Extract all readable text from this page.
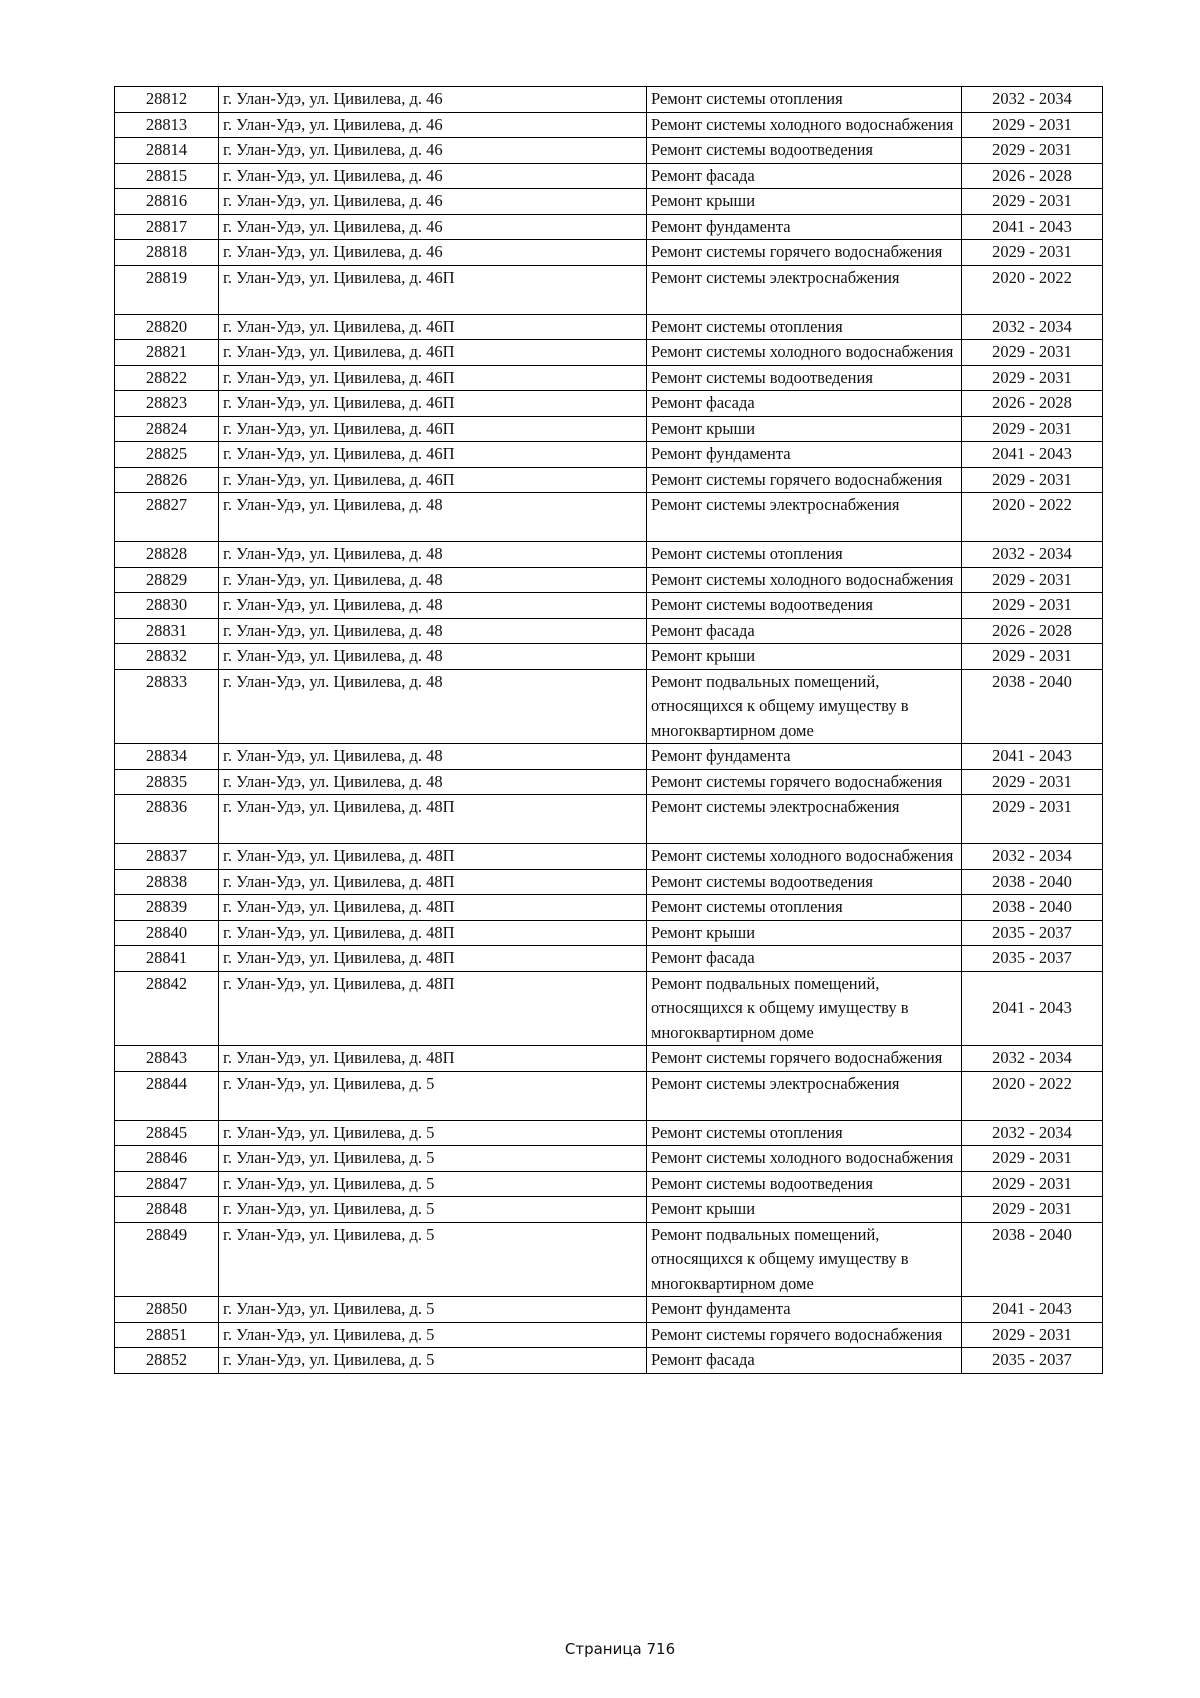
28812	г. Улан-Удэ, ул. Цивилева, д. 46	Ремонт системы отопления	2032 - 2034
28813	г. Улан-Удэ, ул. Цивилева, д. 46	Ремонт системы холодного водоснабжения	2029 - 2031
28814	г. Улан-Удэ, ул. Цивилева, д. 46	Ремонт системы водоотведения	2029 - 2031
28815	г. Улан-Удэ, ул. Цивилева, д. 46	Ремонт фасада	2026 - 2028
28816	г. Улан-Удэ, ул. Цивилева, д. 46	Ремонт крыши	2029 - 2031
28817	г. Улан-Удэ, ул. Цивилева, д. 46	Ремонт фундамента	2041 - 2043
28818	г. Улан-Удэ, ул. Цивилева, д. 46	Ремонт системы горячего водоснабжения	2029 - 2031
28819	г. Улан-Удэ, ул. Цивилева, д. 46П	Ремонт системы электроснабжения	2020 - 2022
28820	г. Улан-Удэ, ул. Цивилева, д. 46П	Ремонт системы отопления	2032 - 2034
28821	г. Улан-Удэ, ул. Цивилева, д. 46П	Ремонт системы холодного водоснабжения	2029 - 2031
28822	г. Улан-Удэ, ул. Цивилева, д. 46П	Ремонт системы водоотведения	2029 - 2031
28823	г. Улан-Удэ, ул. Цивилева, д. 46П	Ремонт фасада	2026 - 2028
28824	г. Улан-Удэ, ул. Цивилева, д. 46П	Ремонт крыши	2029 - 2031
28825	г. Улан-Удэ, ул. Цивилева, д. 46П	Ремонт фундамента	2041 - 2043
28826	г. Улан-Удэ, ул. Цивилева, д. 46П	Ремонт системы горячего водоснабжения	2029 - 2031
28827	г. Улан-Удэ, ул. Цивилева, д. 48	Ремонт системы электроснабжения	2020 - 2022
28828	г. Улан-Удэ, ул. Цивилева, д. 48	Ремонт системы отопления	2032 - 2034
28829	г. Улан-Удэ, ул. Цивилева, д. 48	Ремонт системы холодного водоснабжения	2029 - 2031
28830	г. Улан-Удэ, ул. Цивилева, д. 48	Ремонт системы водоотведения	2029 - 2031
28831	г. Улан-Удэ, ул. Цивилева, д. 48	Ремонт фасада	2026 - 2028
28832	г. Улан-Удэ, ул. Цивилева, д. 48	Ремонт крыши	2029 - 2031
28833	г. Улан-Удэ, ул. Цивилева, д. 48	Ремонт подвальных помещений, относящихся к общему имуществу в многоквартирном доме	2038 - 2040
28834	г. Улан-Удэ, ул. Цивилева, д. 48	Ремонт фундамента	2041 - 2043
28835	г. Улан-Удэ, ул. Цивилева, д. 48	Ремонт системы горячего водоснабжения	2029 - 2031
28836	г. Улан-Удэ, ул. Цивилева, д. 48П	Ремонт системы электроснабжения	2029 - 2031
28837	г. Улан-Удэ, ул. Цивилева, д. 48П	Ремонт системы холодного водоснабжения	2032 - 2034
28838	г. Улан-Удэ, ул. Цивилева, д. 48П	Ремонт системы водоотведения	2038 - 2040
28839	г. Улан-Удэ, ул. Цивилева, д. 48П	Ремонт системы отопления	2038 - 2040
28840	г. Улан-Удэ, ул. Цивилева, д. 48П	Ремонт крыши	2035 - 2037
28841	г. Улан-Удэ, ул. Цивилева, д. 48П	Ремонт фасада	2035 - 2037
28842	г. Улан-Удэ, ул. Цивилева, д. 48П	Ремонт подвальных помещений, относящихся к общему имуществу в многоквартирном доме	2041 - 2043
28843	г. Улан-Удэ, ул. Цивилева, д. 48П	Ремонт системы горячего водоснабжения	2032 - 2034
28844	г. Улан-Удэ, ул. Цивилева, д. 5	Ремонт системы электроснабжения	2020 - 2022
28845	г. Улан-Удэ, ул. Цивилева, д. 5	Ремонт системы отопления	2032 - 2034
28846	г. Улан-Удэ, ул. Цивилева, д. 5	Ремонт системы холодного водоснабжения	2029 - 2031
28847	г. Улан-Удэ, ул. Цивилева, д. 5	Ремонт системы водоотведения	2029 - 2031
28848	г. Улан-Удэ, ул. Цивилева, д. 5	Ремонт крыши	2029 - 2031
28849	г. Улан-Удэ, ул. Цивилева, д. 5	Ремонт подвальных помещений, относящихся к общему имуществу в многоквартирном доме	2038 - 2040
28850	г. Улан-Удэ, ул. Цивилева, д. 5	Ремонт фундамента	2041 - 2043
28851	г. Улан-Удэ, ул. Цивилева, д. 5	Ремонт системы горячего водоснабжения	2029 - 2031
28852	г. Улан-Удэ, ул. Цивилева, д. 5	Ремонт фасада	2035 - 2037
Страница 716
